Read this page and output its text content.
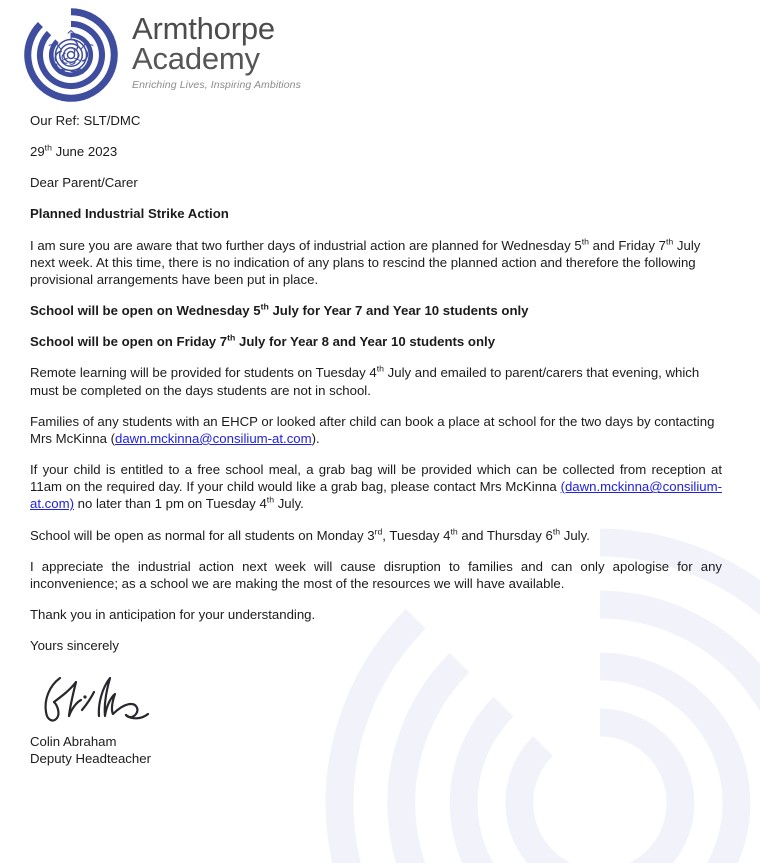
Armthorpe
Academy
Enriching Lives, Inspiring Ambitions

Our Ref: SLT/DMC

29th June 2023

Dear Parent/Carer

Planned Industrial Strike Action

I am sure you are aware that two further days of industrial action are planned for Wednesday 5th and Friday 7th July next week. At this time, there is no indication of any plans to rescind the planned action and therefore the following provisional arrangements have been put in place.

School will be open on Wednesday 5th July for Year 7 and Year 10 students only

School will be open on Friday 7th July for Year 8 and Year 10 students only

Remote learning will be provided for students on Tuesday 4th July and emailed to parent/carers that evening, which must be completed on the days students are not in school.

Families of any students with an EHCP or looked after child can book a place at school for the two days by contacting Mrs McKinna (dawn.mckinna@consilium-at.com).

If your child is entitled to a free school meal, a grab bag will be provided which can be collected from reception at 11am on the required day. If your child would like a grab bag, please contact Mrs McKinna (dawn.mckinna@consilium-at.com) no later than 1 pm on Tuesday 4th July.

School will be open as normal for all students on Monday 3rd, Tuesday 4th and Thursday 6th July.

I appreciate the industrial action next week will cause disruption to families and can only apologise for any inconvenience; as a school we are making the most of the resources we will have available.

Thank you in anticipation for your understanding.

Yours sincerely

Colin Abraham

Deputy Headteacher
